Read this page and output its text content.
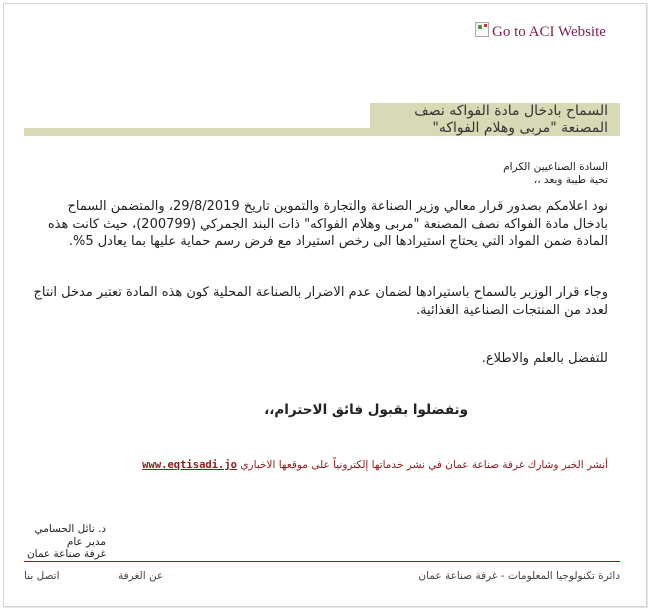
Go to ACI Website
السماح بادخال مادة الفواكه نصف
المصنعة "مربى وهلام الفواكه"
السادة الصناعيين الكرام
تحية طيبة وبعد ،،
نود اعلامكم بصدور قرار معالي وزير الصناعة والتجارة والتموين تاريخ 29/8/2019، والمتضمن السماح بادخال مادة الفواكه نصف المصنعة "مربى وهلام الفواكه" ذات البند الجمركي (200799)، حيث كانت هذه المادة ضمن المواد التي يحتاج استيرادها الى رخص استيراد مع فرض رسم حماية عليها بما يعادل 5%.
وجاء قرار الوزير بالسماح باستيرادها لضمان عدم الاضرار بالصناعة المحلية كون هذه المادة تعتبر مدخل انتاج لعدد من المنتجات الصناعية الغذائية.
للتفضل بالعلم والاطلاع.
وتفضلوا بقبول فائق الاحترام،،
أنشر الخبر وشارك غرفة صناعة عمان في نشر خدماتها إلكترونياً على موقعها الاخباري www.eqtisadi.jo
د. نائل الحسامي
مدير عام
غرفة صناعة عمان
اتصل بنا	عن الغرفة	دائرة تكنولوجيا المعلومات - غرفة صناعة عمان
